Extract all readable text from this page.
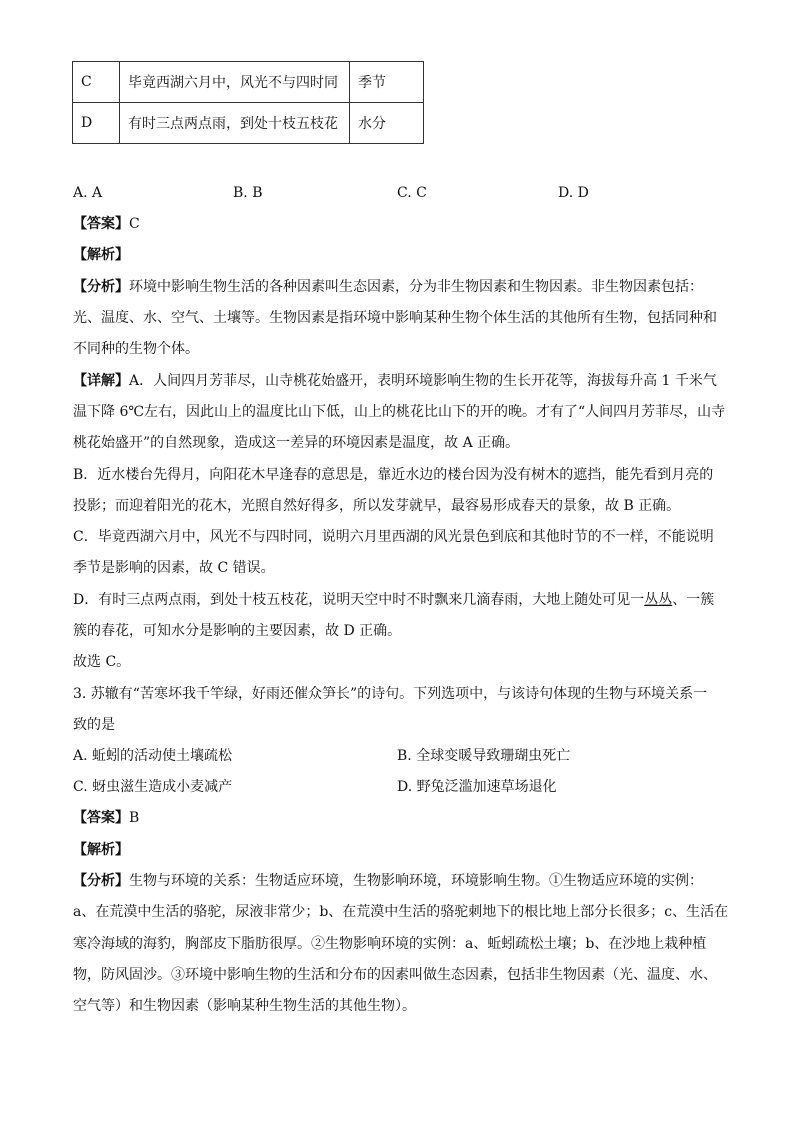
C	毕竟西湖六月中，风光不与四时同	季节
D	有时三点两点雨，到处十枝五枝花	水分
A. A	B. B	C. C	D. D
【答案】C
【解析】
【分析】环境中影响生物生活的各种因素叫生态因素，分为非生物因素和生物因素。非生物因素包括：
光、温度、水、空气、土壤等。生物因素是指环境中影响某种生物个体生活的其他所有生物，包括同种和
不同种的生物个体。
【详解】A．人间四月芳菲尽，山寺桃花始盛开，表明环境影响生物的生长开花等，海拔每升高 1 千米气
温下降 6℃左右，因此山上的温度比山下低，山上的桃花比山下的开的晚。才有了“人间四月芳菲尽，山寺
桃花始盛开”的自然现象，造成这一差异的环境因素是温度，故 A 正确。
B．近水楼台先得月，向阳花木早逢春的意思是，靠近水边的楼台因为没有树木的遮挡，能先看到月亮的
投影；而迎着阳光的花木，光照自然好得多，所以发芽就早，最容易形成春天的景象，故 B 正确。
C．毕竟西湖六月中，风光不与四时同，说明六月里西湖的风光景色到底和其他时节的不一样，不能说明
季节是影响的因素，故 C 错误。
D．有时三点两点雨，到处十枝五枝花，说明天空中时不时飘来几滴春雨，大地上随处可见一丛丛、一簇
簇的春花，可知水分是影响的主要因素，故 D 正确。
故选 C。
3. 苏辙有“苦寒坏我千竿绿，好雨还催众笋长”的诗句。下列选项中，与该诗句体现的生物与环境关系一
致的是
A. 蚯蚓的活动使土壤疏松	B. 全球变暖导致珊瑚虫死亡
C. 蚜虫滋生造成小麦减产	D. 野兔泛滥加速草场退化
【答案】B
【解析】
【分析】生物与环境的关系：生物适应环境，生物影响环境，环境影响生物。①生物适应环境的实例：
a、在荒漠中生活的骆驼，尿液非常少；b、在荒漠中生活的骆驼刺地下的根比地上部分长很多；c、生活在
寒冷海域的海豹，胸部皮下脂肪很厚。②生物影响环境的实例：a、蚯蚓疏松土壤；b、在沙地上栽种植
物，防风固沙。③环境中影响生物的生活和分布的因素叫做生态因素，包括非生物因素（光、温度、水、
空气等）和生物因素（影响某种生物生活的其他生物）。
